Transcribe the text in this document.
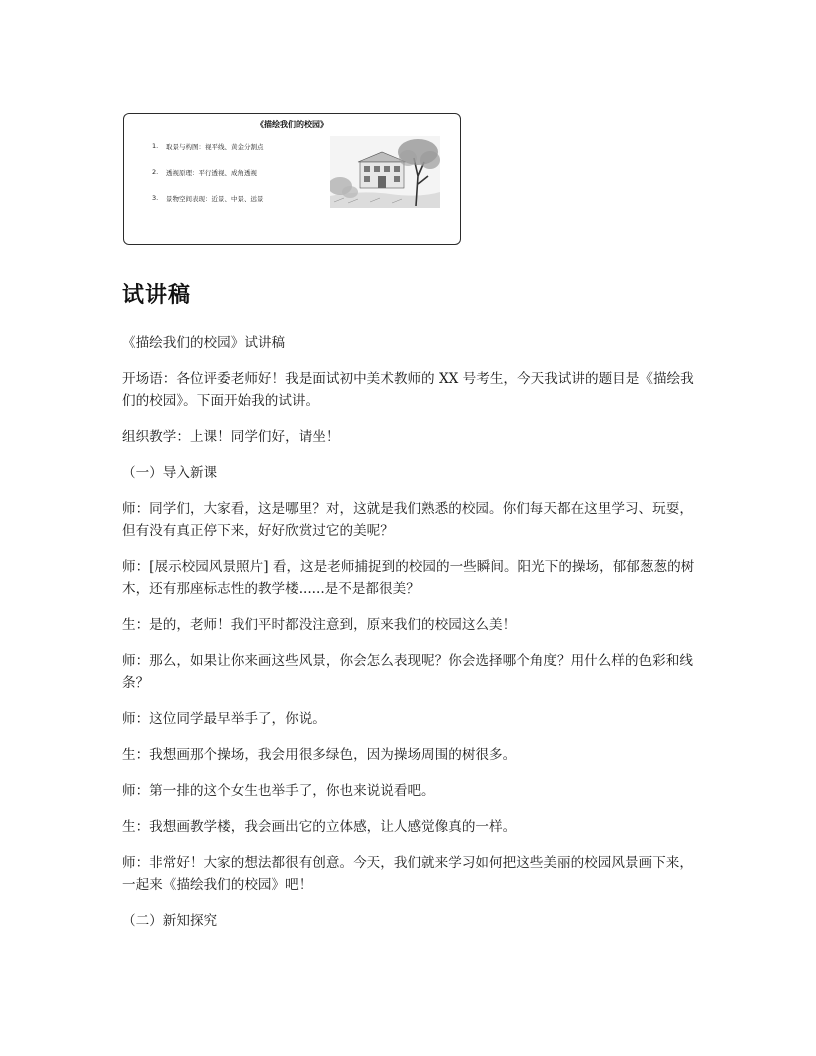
《描绘我们的校园》
1.	取景与构图：视平线、黄金分割点
2.	透视原理：平行透视、成角透视
3.	景物空间表现：近景、中景、远景
试讲稿

《描绘我们的校园》试讲稿

开场语：各位评委老师好！我是面试初中美术教师的 XX 号考生，今天我试讲的题目是《描绘我们的校园》。下面开始我的试讲。

组织教学：上课！同学们好，请坐！

（一）导入新课

师：同学们，大家看，这是哪里？对，这就是我们熟悉的校园。你们每天都在这里学习、玩耍，但有没有真正停下来，好好欣赏过它的美呢？

师：[展示校园风景照片] 看，这是老师捕捉到的校园的一些瞬间。阳光下的操场，郁郁葱葱的树木，还有那座标志性的教学楼......是不是都很美？

生：是的，老师！我们平时都没注意到，原来我们的校园这么美！

师：那么，如果让你来画这些风景，你会怎么表现呢？你会选择哪个角度？用什么样的色彩和线条？

师：这位同学最早举手了，你说。

生：我想画那个操场，我会用很多绿色，因为操场周围的树很多。

师：第一排的这个女生也举手了，你也来说说看吧。

生：我想画教学楼，我会画出它的立体感，让人感觉像真的一样。

师：非常好！大家的想法都很有创意。今天，我们就来学习如何把这些美丽的校园风景画下来，一起来《描绘我们的校园》吧！

（二）新知探究
